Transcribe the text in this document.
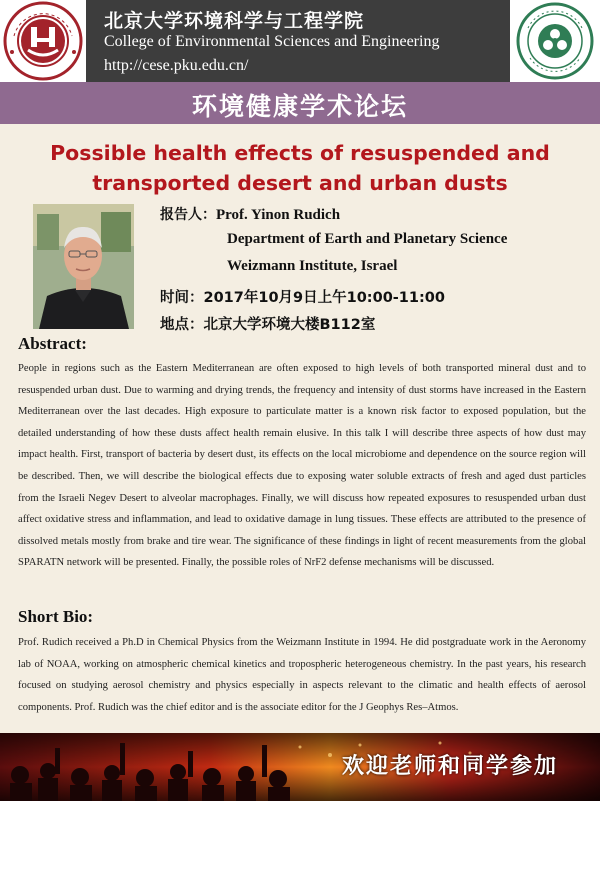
北京大学环境科学与工程学院
College of Environmental Sciences and Engineering
http://cese.pku.edu.cn/
环境健康学术论坛
Possible health effects of resuspended and
transported desert and urban dusts
报告人：Prof. Yinon Rudich
Department of Earth and Planetary Science
Weizmann Institute, Israel
时间：2017年10月9日上午10:00-11:00
地点：北京大学环境大楼B112室
Abstract:
People in regions such as the Eastern Mediterranean are often exposed to high levels of both transported mineral dust and to resuspended urban dust. Due to warming and drying trends, the frequency and intensity of dust storms have increased in the Eastern Mediterranean over the last decades. High exposure to particulate matter is a known risk factor to exposed population, but the detailed understanding of how these dusts affect health remain elusive. In this talk I will describe three aspects of how dust may impact health. First, transport of bacteria by desert dust, its effects on the local microbiome and dependence on the source region will be described. Then, we will describe the biological effects due to exposing water soluble extracts of fresh and aged dust particles from the Israeli Negev Desert to alveolar macrophages. Finally, we will discuss how repeated exposures to resuspended urban dust affect oxidative stress and inflammation, and lead to oxidative damage in lung tissues. These effects are attributed to the presence of dissolved metals mostly from brake and tire wear. The significance of these findings in light of recent measurements from the global SPARATN network will be presented. Finally, the possible roles of NrF2 defense mechanisms will be discussed.
Short Bio:
Prof. Rudich received a Ph.D in Chemical Physics from the Weizmann Institute in 1994. He did postgraduate work in the Aeronomy lab of NOAA, working on atmospheric chemical kinetics and tropospheric heterogeneous chemistry. In the past years, his research focused on studying aerosol chemistry and physics especially in aspects relevant to the climatic and health effects of aerosol components. Prof. Rudich was the chief editor and is the associate editor for the J Geophys Res–Atmos.
欢迎老师和同学参加
